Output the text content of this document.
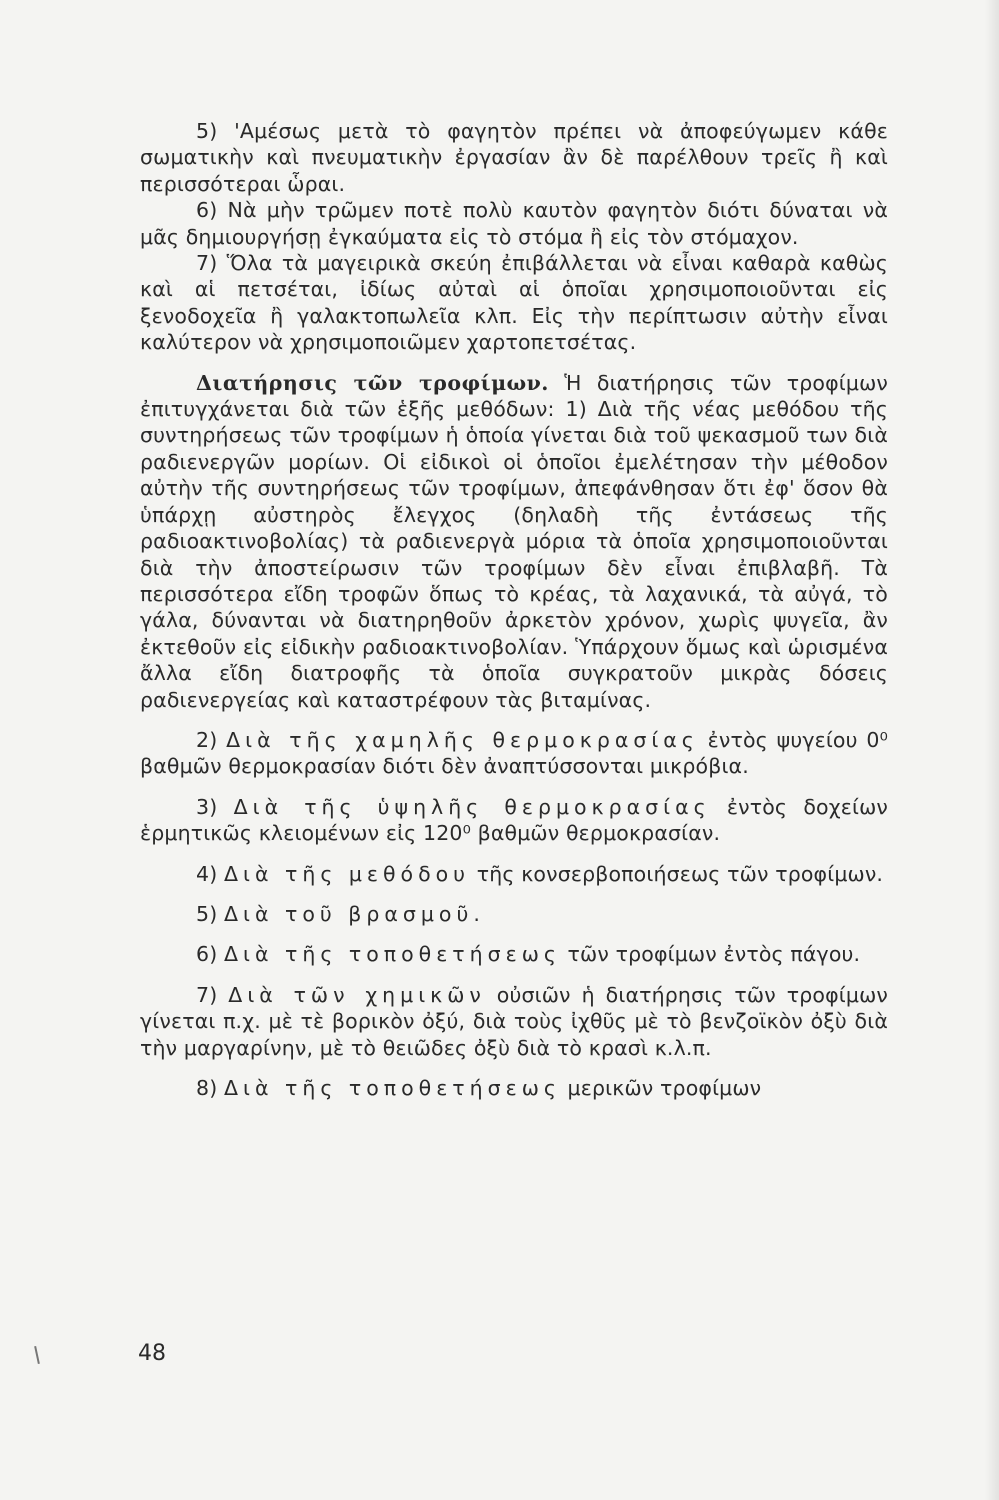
5) 'Αμέσως μετὰ τὸ φαγητὸν πρέπει νὰ ἀποφεύγωμεν κάθε σωματικὴν καὶ πνευματικὴν ἐργασίαν ἂν δὲ παρέλθουν τρεῖς ἢ καὶ περισσότεραι ὧραι.

6) Νὰ μὴν τρῶμεν ποτὲ πολὺ καυτὸν φαγητὸν διότι δύναται νὰ μᾶς δημιουργήσῃ ἐγκαύματα εἰς τὸ στόμα ἢ εἰς τὸν στόμαχον.

7) Ὅλα τὰ μαγειρικὰ σκεύη ἐπιβάλλεται νὰ εἶναι καθαρὰ καθὼς καὶ αἱ πετσέται, ἰδίως αὐταὶ αἱ ὁποῖαι χρησιμοποιοῦνται εἰς ξενοδοχεῖα ἢ γαλακτοπωλεῖα κλπ. Εἰς τὴν περίπτωσιν αὐτὴν εἶναι καλύτερον νὰ χρησιμοποιῶμεν χαρτοπετσέτας.

Διατήρησις τῶν τροφίμων. Ἡ διατήρησις τῶν τροφίμων ἐπιτυγχάνεται διὰ τῶν ἑξῆς μεθόδων: 1) Διὰ τῆς νέας μεθόδου τῆς συντηρήσεως τῶν τροφίμων ἡ ὁποία γίνεται διὰ τοῦ ψεκασμοῦ των διὰ ραδιενεργῶν μορίων. Οἱ εἰδικοὶ οἱ ὁποῖοι ἐμελέτησαν τὴν μέθοδον αὐτὴν τῆς συντηρήσεως τῶν τροφίμων, ἀπεφάνθησαν ὅτι ἐφ' ὅσον θὰ ὑπάρχῃ αὐστηρὸς ἔλεγχος (δηλαδὴ τῆς ἐντάσεως τῆς ραδιοακτινοβολίας) τὰ ραδιενεργὰ μόρια τὰ ὁποῖα χρησιμοποιοῦνται διὰ τὴν ἀποστείρωσιν τῶν τροφίμων δὲν εἶναι ἐπιβλαβῆ. Τὰ περισσότερα εἴδη τροφῶν ὅπως τὸ κρέας, τὰ λαχανικά, τὰ αὐγά, τὸ γάλα, δύνανται νὰ διατηρηθοῦν ἀρκετὸν χρόνον, χωρὶς ψυγεῖα, ἂν ἐκτεθοῦν εἰς εἰδικὴν ραδιοακτινοβολίαν. Ὑπάρχουν ὅμως καὶ ὡρισμένα ἄλλα εἴδη διατροφῆς τὰ ὁποῖα συγκρατοῦν μικρὰς δόσεις ραδιενεργείας καὶ καταστρέφουν τὰς βιταμίνας.

2) Διὰ τῆς χαμηλῆς θερμοκρασίας ἐντὸς ψυγείου 0⁰ βαθμῶν θερμοκρασίαν διότι δὲν ἀναπτύσσονται μικρόβια.

3) Διὰ τῆς ὑψηλῆς θερμοκρασίας ἐντὸς δοχείων ἑρμητικῶς κλειομένων εἰς 120⁰ βαθμῶν θερμοκρασίαν.

4) Διὰ τῆς μεθόδου τῆς κονσερβοποιήσεως τῶν τροφίμων.

5) Διὰ τοῦ βρασμοῦ.

6) Διὰ τῆς τοποθετήσεως τῶν τροφίμων ἐντὸς πάγου.

7) Διὰ τῶν χημικῶν οὐσιῶν ἡ διατήρησις τῶν τροφίμων γίνεται π.χ. μὲ τὲ βορικὸν ὀξύ, διὰ τοὺς ἰχθῦς μὲ τὸ βενζοϊκὸν ὀξὺ διὰ τὴν μαργαρίνην, μὲ τὸ θειῶδες ὀξὺ διὰ τὸ κρασὶ κ.λ.π.

8) Διὰ τῆς τοποθετήσεως μερικῶν τροφίμων

48
